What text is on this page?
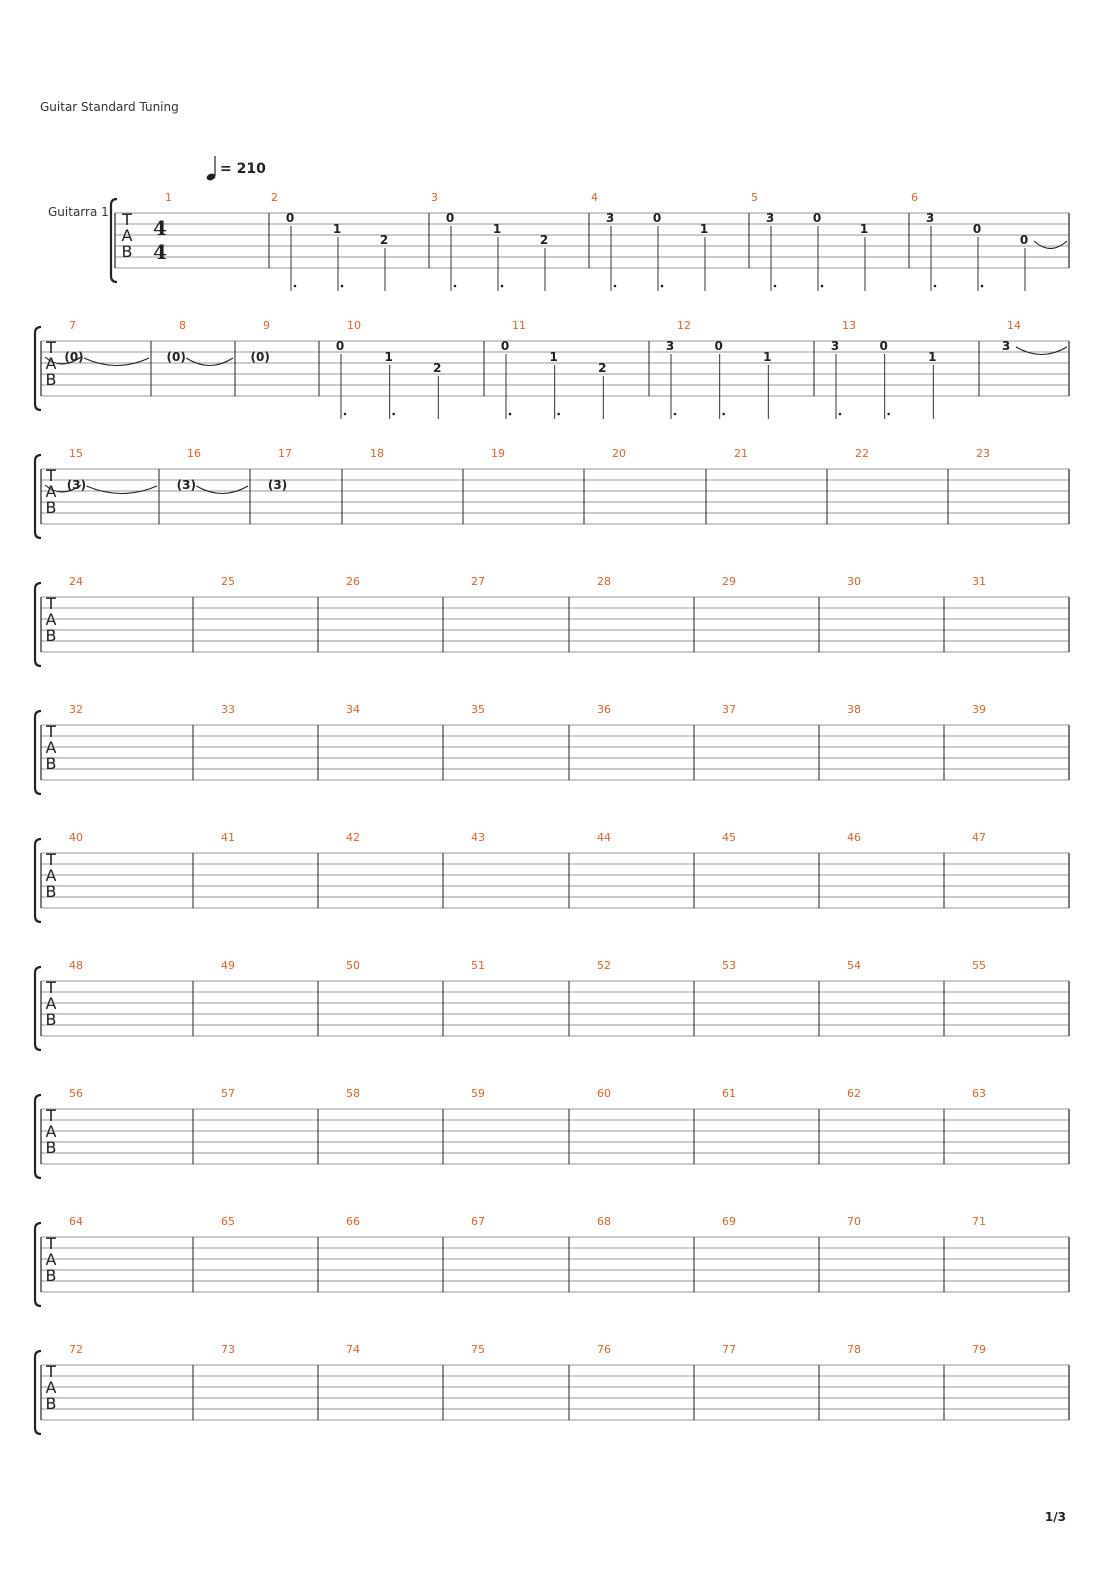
Guitar Standard Tuning
= 210
Guitarra 1 T
A
B
4
4
1	2
0
1
2
3
0
1
2
4
3	0
1
5
3	0
1
6
3
0
0
T
A
B
7
(0)
8
(0)
9
(0)
10
0
1
2
11
0
1
2
12
3	0
1
13
3	0
1
14
3
T
A
B
15
(3)
16
(3)
17
(3)
18	19	20	21	22	23
T
A
B
24	25	26	27	28	29	30	31
T
A
B
32	33	34	35	36	37	38	39
T
A
B
40	41	42	43	44	45	46	47
T
A
B
48	49	50	51	52	53	54	55
T
A
B
56	57	58	59	60	61	62	63
T
A
B
64	65	66	67	68	69	70	71
T
A
B
72	73	74	75	76	77	78	79
1/3
